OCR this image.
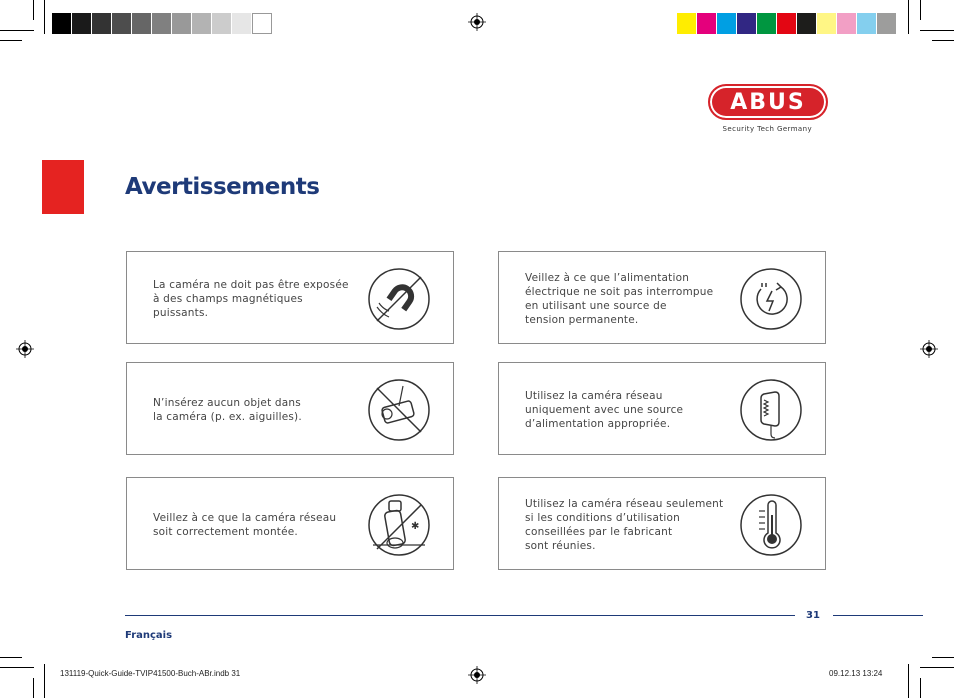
ABUS
Security Tech Germany
Avertissements
La caméra ne doit pas être exposée
à des champs magnétiques
puissants.
Veillez à ce que l’alimentation
électrique ne soit pas interrompue
en utilisant une source de
tension permanente.
N’insérez aucun objet dans
la caméra (p. ex. aiguilles).
Utilisez la caméra réseau
uniquement avec une source
d’alimentation appropriée.
Veillez à ce que la caméra réseau
soit correctement montée.	✱
Utilisez la caméra réseau seulement
si les conditions d’utilisation
conseillées par le fabricant
sont réunies.
31
Français
131119-Quick-Guide-TVIP41500-Buch-ABr.indb 31	09.12.13 13:24
